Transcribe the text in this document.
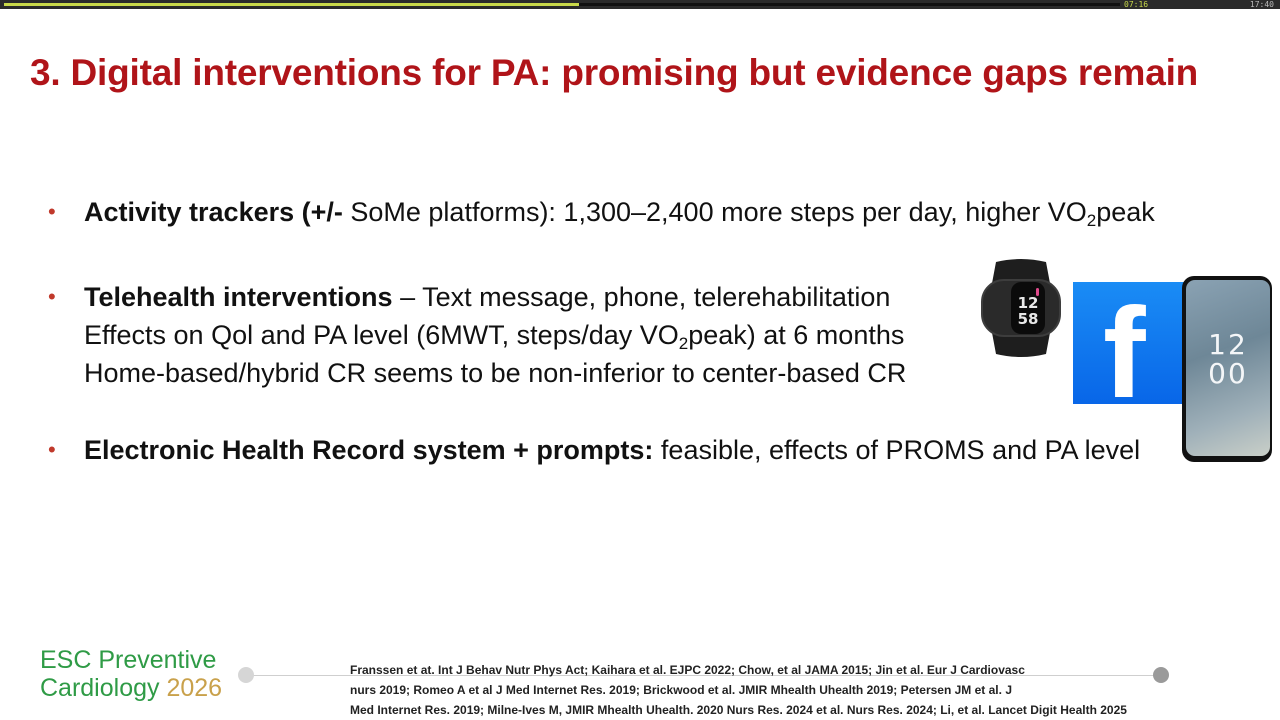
07:16	17:40
3. Digital interventions for PA: promising but evidence gaps remain
• Activity trackers (+/- SoMe platforms): 1,300–2,400 more steps per day, higher $VO_2peak$
• Telehealth interventions – Text message, phone, telerehabilitation
Effects on Qol and PA level (6MWT, steps/day $VO_2peak$) at 6 months
Home-based/hybrid CR seems to be non-inferior to center-based CR
• Electronic Health Record system + prompts: feasible, effects of PROMS and PA level
12
58 f	12
00
ESC Preventive
Cardiology 2026
Franssen et at. Int J Behav Nutr Phys Act; Kaihara et al. EJPC 2022; Chow, et al JAMA 2015; Jin et al. Eur J Cardiovasc
nurs 2019; Romeo A et al J Med Internet Res. 2019; Brickwood et al. JMIR Mhealth Uhealth 2019; Petersen JM et al. J
Med Internet Res. 2019; Milne-Ives M, JMIR Mhealth Uhealth. 2020 Nurs Res. 2024 et al. Nurs Res. 2024; Li, et al. Lancet Digit Health 2025
